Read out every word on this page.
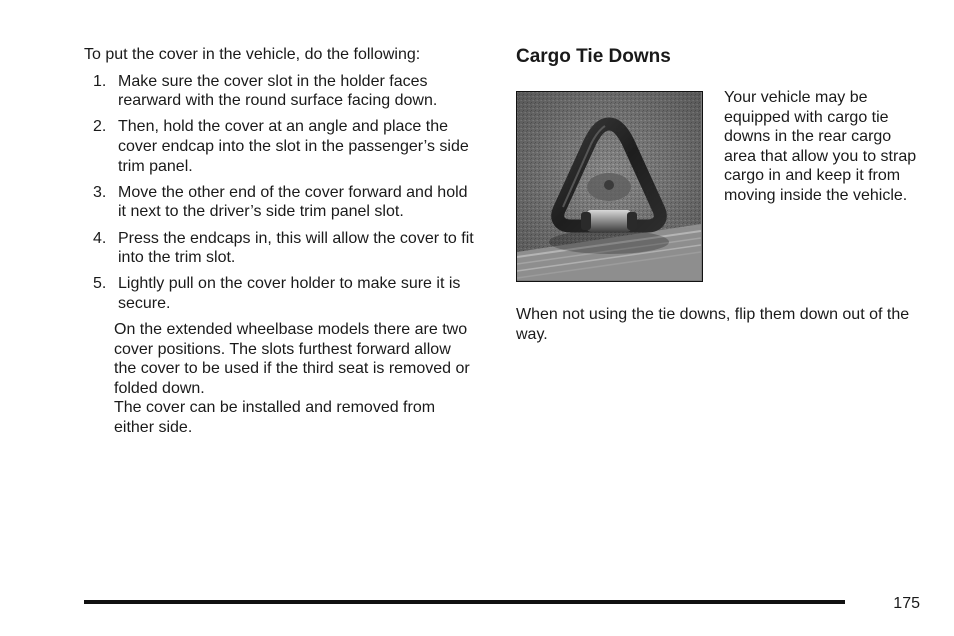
To put the cover in the vehicle, do the following:

1. Make sure the cover slot in the holder faces rearward with the round surface facing down.
2. Then, hold the cover at an angle and place the cover endcap into the slot in the passenger’s side trim panel.
3. Move the other end of the cover forward and hold it next to the driver’s side trim panel slot.
4. Press the endcaps in, this will allow the cover to fit into the trim slot.
5. Lightly pull on the cover holder to make sure it is secure.

On the extended wheelbase models there are two cover positions. The slots furthest forward allow the cover to be used if the third seat is removed or folded down.

The cover can be installed and removed from either side.

Cargo Tie Downs

Your vehicle may be equipped with cargo tie downs in the rear cargo area that allow you to strap cargo in and keep it from moving inside the vehicle.

When not using the tie downs, flip them down out of the way.

175
